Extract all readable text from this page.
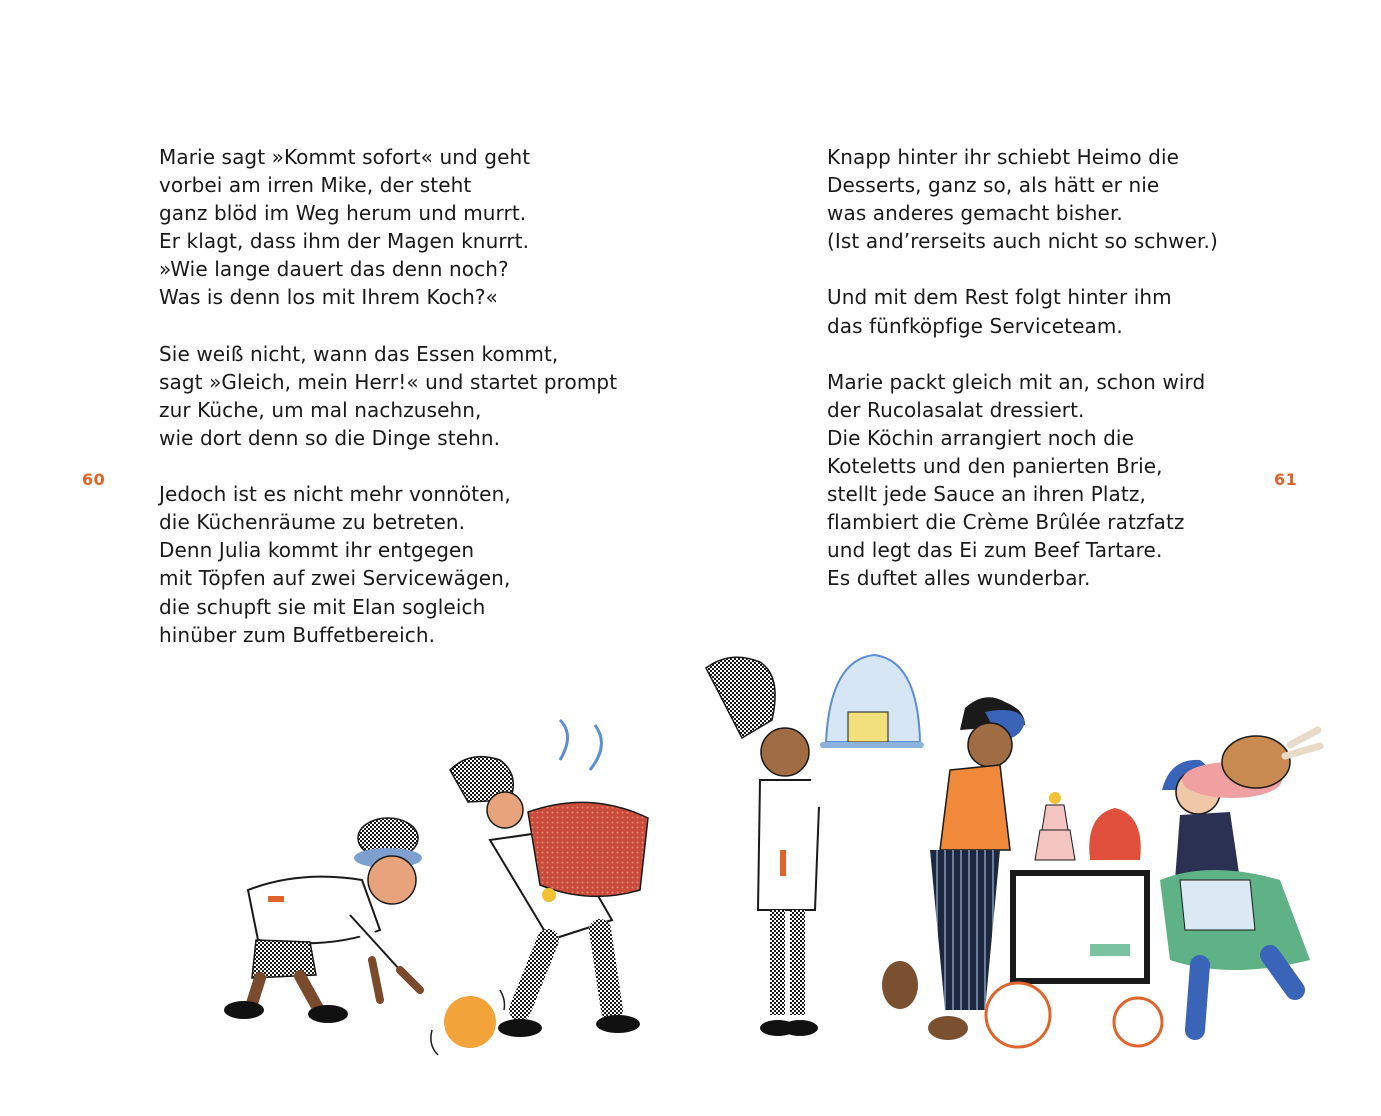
60

Marie sagt »Kommt sofort« und geht
vorbei am irren Mike, der steht
ganz blöd im Weg herum und murrt.
Er klagt, dass ihm der Magen knurrt.
»Wie lange dauert das denn noch?
Was is denn los mit Ihrem Koch?«

Sie weiß nicht, wann das Essen kommt,
sagt »Gleich, mein Herr!« und startet prompt
zur Küche, um mal nachzusehn,
wie dort denn so die Dinge stehn.

Jedoch ist es nicht mehr vonnöten,
die Küchenräume zu betreten.
Denn Julia kommt ihr entgegen
mit Töpfen auf zwei Servicewägen,
die schupft sie mit Elan sogleich
hinüber zum Buffetbereich.

61

Knapp hinter ihr schiebt Heimo die
Desserts, ganz so, als hätt er nie
was anderes gemacht bisher.
(Ist and’rerseits auch nicht so schwer.)

Und mit dem Rest folgt hinter ihm
das fünfköpfige Serviceteam.

Marie packt gleich mit an, schon wird
der Rucolasalat dressiert.
Die Köchin arrangiert noch die
Koteletts und den panierten Brie,
stellt jede Sauce an ihren Platz,
flambiert die Crème Brûlée ratzfatz
und legt das Ei zum Beef Tartare.
Es duftet alles wunderbar.
